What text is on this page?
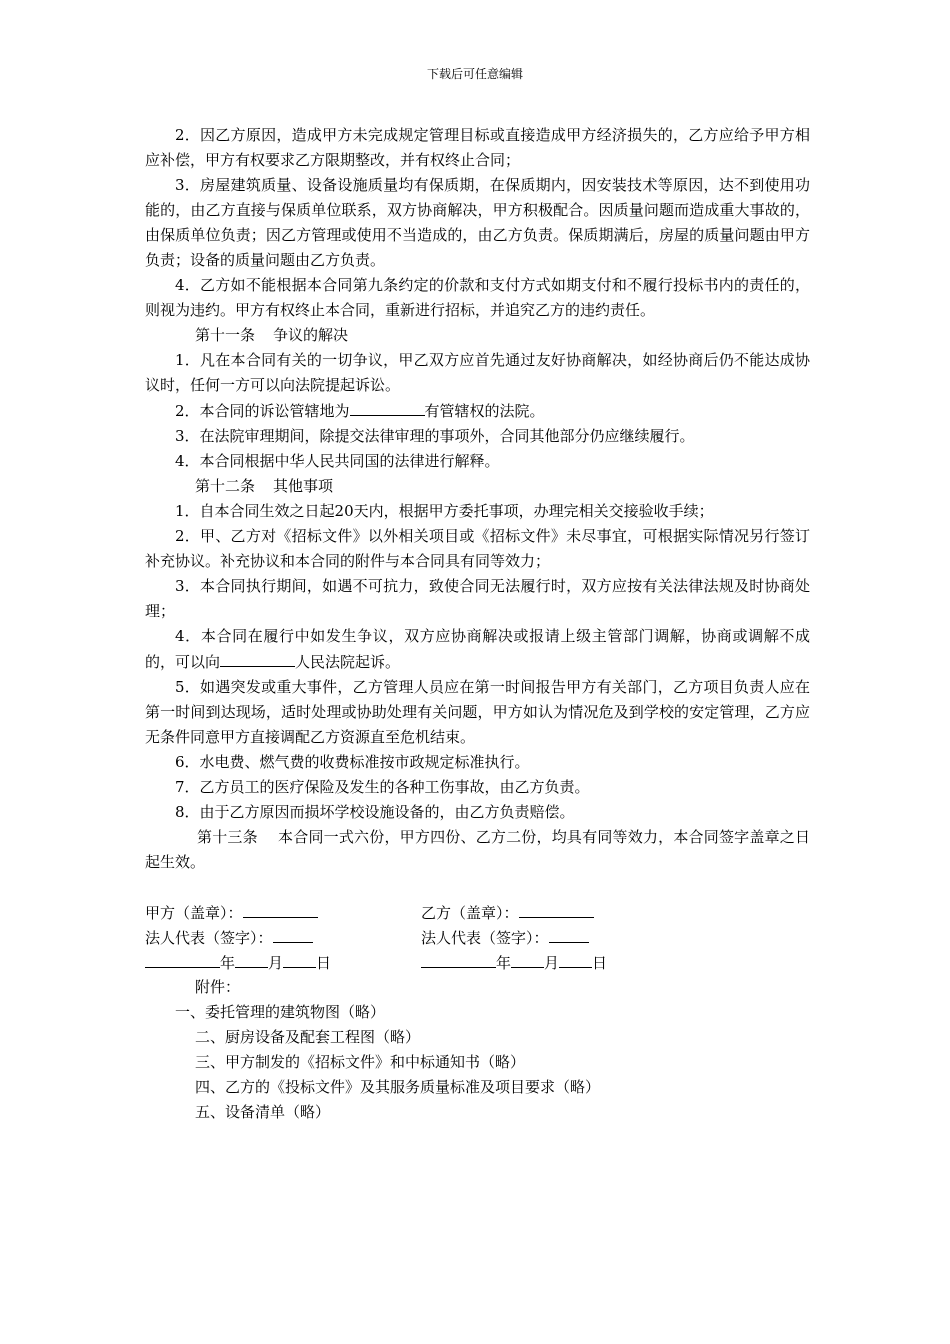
下载后可任意编辑

2．因乙方原因，造成甲方未完成规定管理目标或直接造成甲方经济损失的，乙方应给予甲方相应补偿，甲方有权要求乙方限期整改，并有权终止合同；

3．房屋建筑质量、设备设施质量均有保质期，在保质期内，因安装技术等原因，达不到使用功能的，由乙方直接与保质单位联系，双方协商解决，甲方积极配合。因质量问题而造成重大事故的，由保质单位负责；因乙方管理或使用不当造成的，由乙方负责。保质期满后，房屋的质量问题由甲方负责；设备的质量问题由乙方负责。

4．乙方如不能根据本合同第九条约定的价款和支付方式如期支付和不履行投标书内的责任的，则视为违约。甲方有权终止本合同，重新进行招标，并追究乙方的违约责任。

第十一条 争议的解决

1．凡在本合同有关的一切争议，甲乙双方应首先通过友好协商解决，如经协商后仍不能达成协议时，任何一方可以向法院提起诉讼。

2．本合同的诉讼管辖地为	有管辖权的法院。

3．在法院审理期间，除提交法律审理的事项外，合同其他部分仍应继续履行。

4．本合同根据中华人民共同国的法律进行解释。

第十二条 其他事项

1．自本合同生效之日起20天内，根据甲方委托事项，办理完相关交接验收手续；

2．甲、乙方对《招标文件》以外相关项目或《招标文件》未尽事宜，可根据实际情况另行签订补充协议。补充协议和本合同的附件与本合同具有同等效力；

3．本合同执行期间，如遇不可抗力，致使合同无法履行时，双方应按有关法律法规及时协商处理；

4．本合同在履行中如发生争议，双方应协商解决或报请上级主管部门调解，协商或调解不成的，可以向	人民法院起诉。

5．如遇突发或重大事件，乙方管理人员应在第一时间报告甲方有关部门，乙方项目负责人应在第一时间到达现场，适时处理或协助处理有关问题，甲方如认为情况危及到学校的安定管理，乙方应无条件同意甲方直接调配乙方资源直至危机结束。

6．水电费、燃气费的收费标准按市政规定标准执行。

7．乙方员工的医疗保险及发生的各种工伤事故，由乙方负责。

8．由于乙方原因而损坏学校设施设备的，由乙方负责赔偿。

第十三条 本合同一式六份，甲方四份、乙方二份，均具有同等效力，本合同签字盖章之日起生效。

甲方（盖章）：	乙方（盖章）：
法人代表（签字）：	法人代表（签字）：
年 月 日	年 月 日

附件：

一、委托管理的建筑物图（略）

二、厨房设备及配套工程图（略）

三、甲方制发的《招标文件》和中标通知书（略）

四、乙方的《投标文件》及其服务质量标准及项目要求（略）

五、设备清单（略）
